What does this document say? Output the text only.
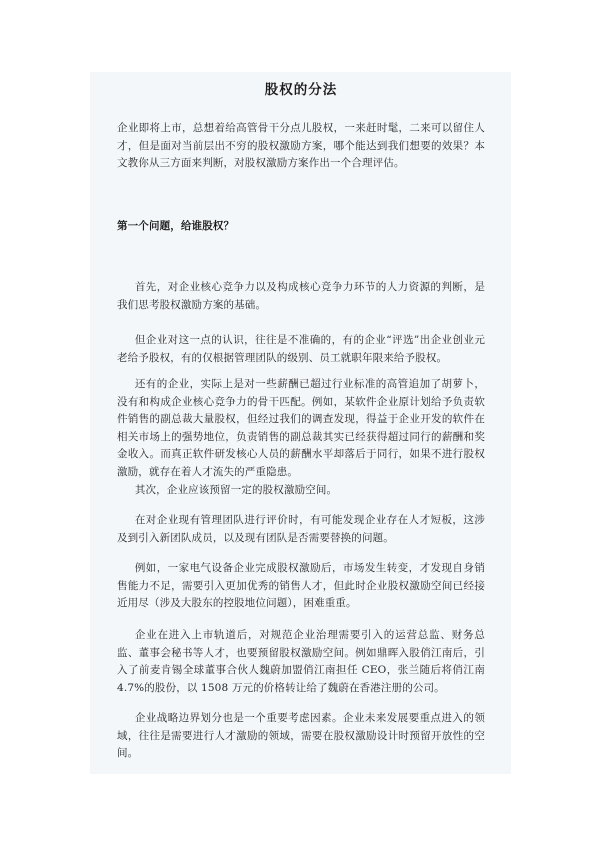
股权的分法

企业即将上市，总想着给高管骨干分点儿股权，一来赶时髦，二来可以留住人才，但是面对当前层出不穷的股权激励方案，哪个能达到我们想要的效果？本文教你从三方面来判断，对股权激励方案作出一个合理评估。

第一个问题，给谁股权？

首先，对企业核心竞争力以及构成核心竞争力环节的人力资源的判断，是我们思考股权激励方案的基础。

但企业对这一点的认识，往往是不准确的，有的企业“评选”出企业创业元老给予股权，有的仅根据管理团队的级别、员工就职年限来给予股权。

还有的企业，实际上是对一些薪酬已超过行业标准的高管追加了胡萝卜，没有和构成企业核心竞争力的骨干匹配。例如，某软件企业原计划给予负责软件销售的副总裁大量股权，但经过我们的调查发现，得益于企业开发的软件在相关市场上的强势地位，负责销售的副总裁其实已经获得超过同行的薪酬和奖金收入。而真正软件研发核心人员的薪酬水平却落后于同行，如果不进行股权激励，就存在着人才流失的严重隐患。

其次，企业应该预留一定的股权激励空间。

在对企业现有管理团队进行评价时，有可能发现企业存在人才短板，这涉及到引入新团队成员，以及现有团队是否需要替换的问题。

例如，一家电气设备企业完成股权激励后，市场发生转变，才发现自身销售能力不足，需要引入更加优秀的销售人才，但此时企业股权激励空间已经接近用尽（涉及大股东的控股地位问题），困难重重。

企业在进入上市轨道后，对规范企业治理需要引入的运营总监、财务总监、董事会秘书等人才，也要预留股权激励空间。例如鼎晖入股俏江南后，引入了前麦肯锡全球董事合伙人魏蔚加盟俏江南担任 CEO，张兰随后将俏江南 4.7%的股份，以 1508 万元的价格转让给了魏蔚在香港注册的公司。

企业战略边界划分也是一个重要考虑因素。企业未来发展要重点进入的领域，往往是需要进行人才激励的领域，需要在股权激励设计时预留开放性的空间。
